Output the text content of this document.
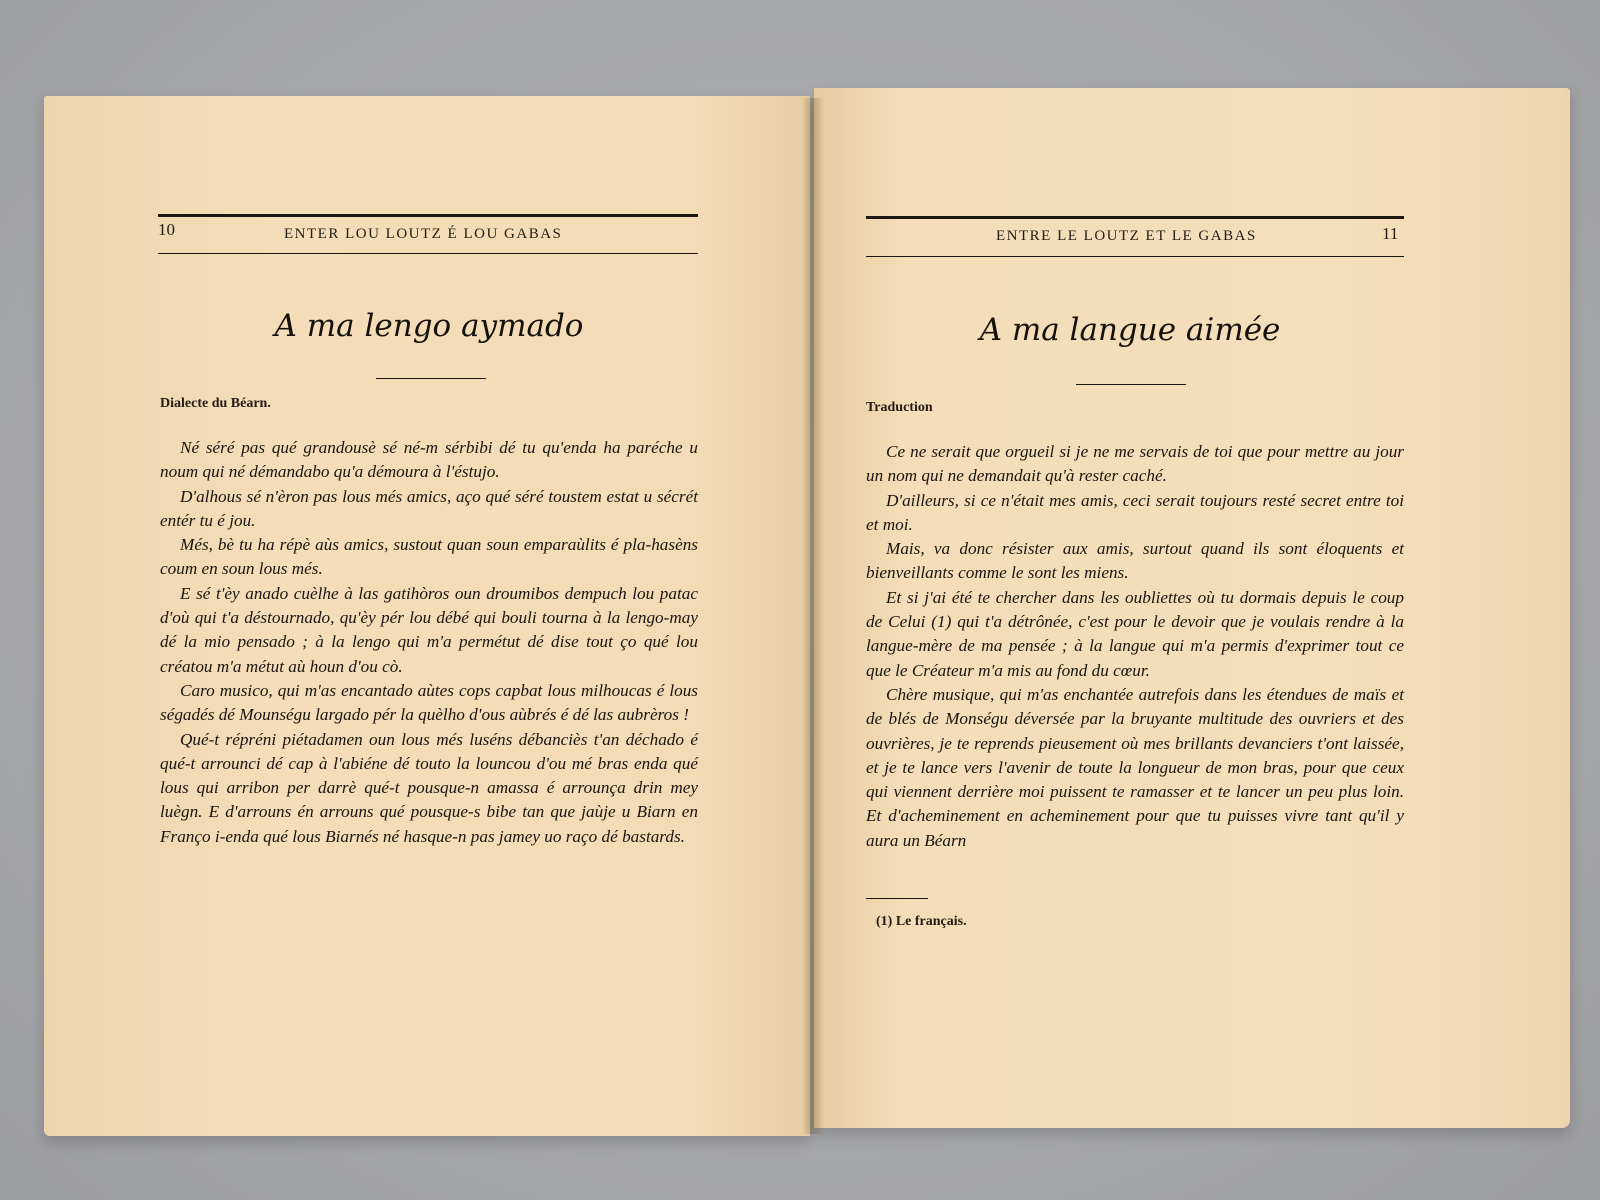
10	ENTER LOU LOUTZ É LOU GABAS
A ma lengo aymado
Dialecte du Béarn.

Né séré pas qué grandousè sé né-m sérbibi dé tu qu'enda ha paréche u noum qui né démandabo qu'a démoura à l'éstujo.

D'alhous sé n'èron pas lous més amics, aço qué séré toustem estat u sécrét entér tu é jou.

Més, bè tu ha répè aùs amics, sustout quan soun emparaùlits é pla-hasèns coum en soun lous més.

E sé t'èy anado cuèlhe à las gatihòros oun droumibos dempuch lou patac d'où qui t'a déstournado, qu'èy pér lou débé qui bouli tourna à la lengo-may dé la mio pensado ; à la lengo qui m'a permétut dé dise tout ço qué lou créatou m'a métut aù houn d'ou cò.

Caro musico, qui m'as encantado aùtes cops capbat lous milhoucas é lous ségadés dé Mounségu largado pér la quèlho d'ous aùbrés é dé las aubrèros !

Qué-t répréni piétadamen oun lous més luséns débanciès t'an déchado é qué-t arrounci dé cap à l'abiéne dé touto la louncou d'ou mé bras enda qué lous qui arribon per darrè qué-t pousque-n amassa é arrounça drin mey luègn. E d'arrouns én arrouns qué pousque-s bibe tan que jaùje u Biarn en Franço i-enda qué lous Biarnés né hasque-n pas jamey uo raço dé bastards.

ENTRE LE LOUTZ ET LE GABAS	11
A ma langue aimée
Traduction

Ce ne serait que orgueil si je ne me servais de toi que pour mettre au jour un nom qui ne demandait qu'à rester caché.

D'ailleurs, si ce n'était mes amis, ceci serait toujours resté secret entre toi et moi.

Mais, va donc résister aux amis, surtout quand ils sont éloquents et bienveillants comme le sont les miens.

Et si j'ai été te chercher dans les oubliettes où tu dormais depuis le coup de Celui (1) qui t'a détrônée, c'est pour le devoir que je voulais rendre à la langue-mère de ma pensée ; à la langue qui m'a permis d'exprimer tout ce que le Créateur m'a mis au fond du cœur.

Chère musique, qui m'as enchantée autrefois dans les étendues de maïs et de blés de Monségu déversée par la bruyante multitude des ouvriers et des ouvrières, je te reprends pieusement où mes brillants devanciers t'ont laissée, et je te lance vers l'avenir de toute la longueur de mon bras, pour que ceux qui viennent derrière moi puissent te ramasser et te lancer un peu plus loin. Et d'acheminement en acheminement pour que tu puisses vivre tant qu'il y aura un Béarn

(1) Le français.
